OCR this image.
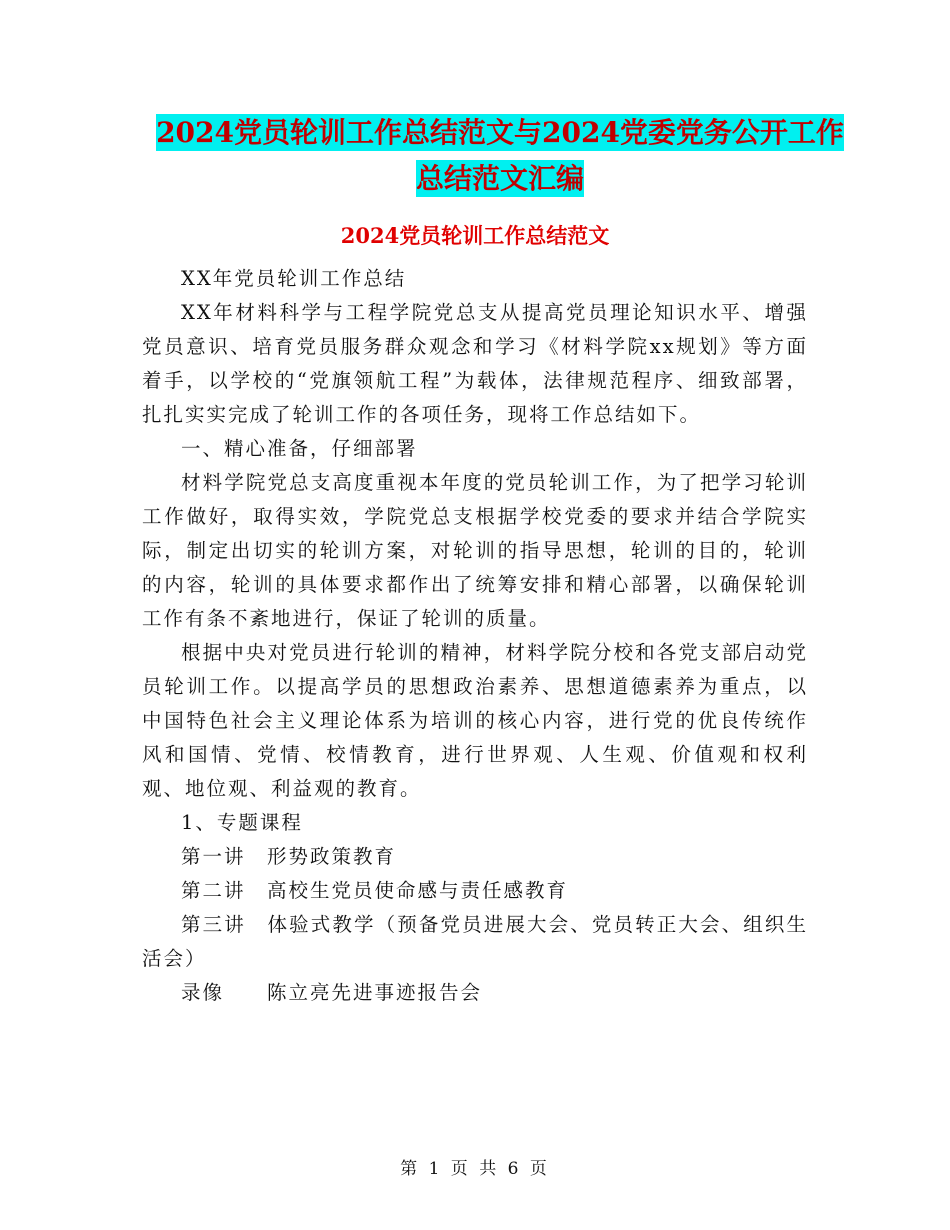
2024党员轮训工作总结范文与2024党委党务公开工作
总结范文汇编
2024党员轮训工作总结范文

XX年党员轮训工作总结

XX年材料科学与工程学院党总支从提高党员理论知识水平、增强党员意识、培育党员服务群众观念和学习《材料学院xx规划》等方面着手，以学校的“党旗领航工程”为载体，法律规范程序、细致部署，扎扎实实完成了轮训工作的各项任务，现将工作总结如下。

一、精心准备，仔细部署

材料学院党总支高度重视本年度的党员轮训工作，为了把学习轮训工作做好，取得实效，学院党总支根据学校党委的要求并结合学院实际，制定出切实的轮训方案，对轮训的指导思想，轮训的目的，轮训的内容，轮训的具体要求都作出了统筹安排和精心部署，以确保轮训工作有条不紊地进行，保证了轮训的质量。

根据中央对党员进行轮训的精神，材料学院分校和各党支部启动党员轮训工作。以提高学员的思想政治素养、思想道德素养为重点，以中国特色社会主义理论体系为培训的核心内容，进行党的优良传统作风和国情、党情、校情教育，进行世界观、人生观、价值观和权利观、地位观、利益观的教育。

1、专题课程

第一讲　形势政策教育

第二讲　高校生党员使命感与责任感教育

第三讲　体验式教学（预备党员进展大会、党员转正大会、组织生活会）

录像　　陈立亮先进事迹报告会

第 1 页 共 6 页
